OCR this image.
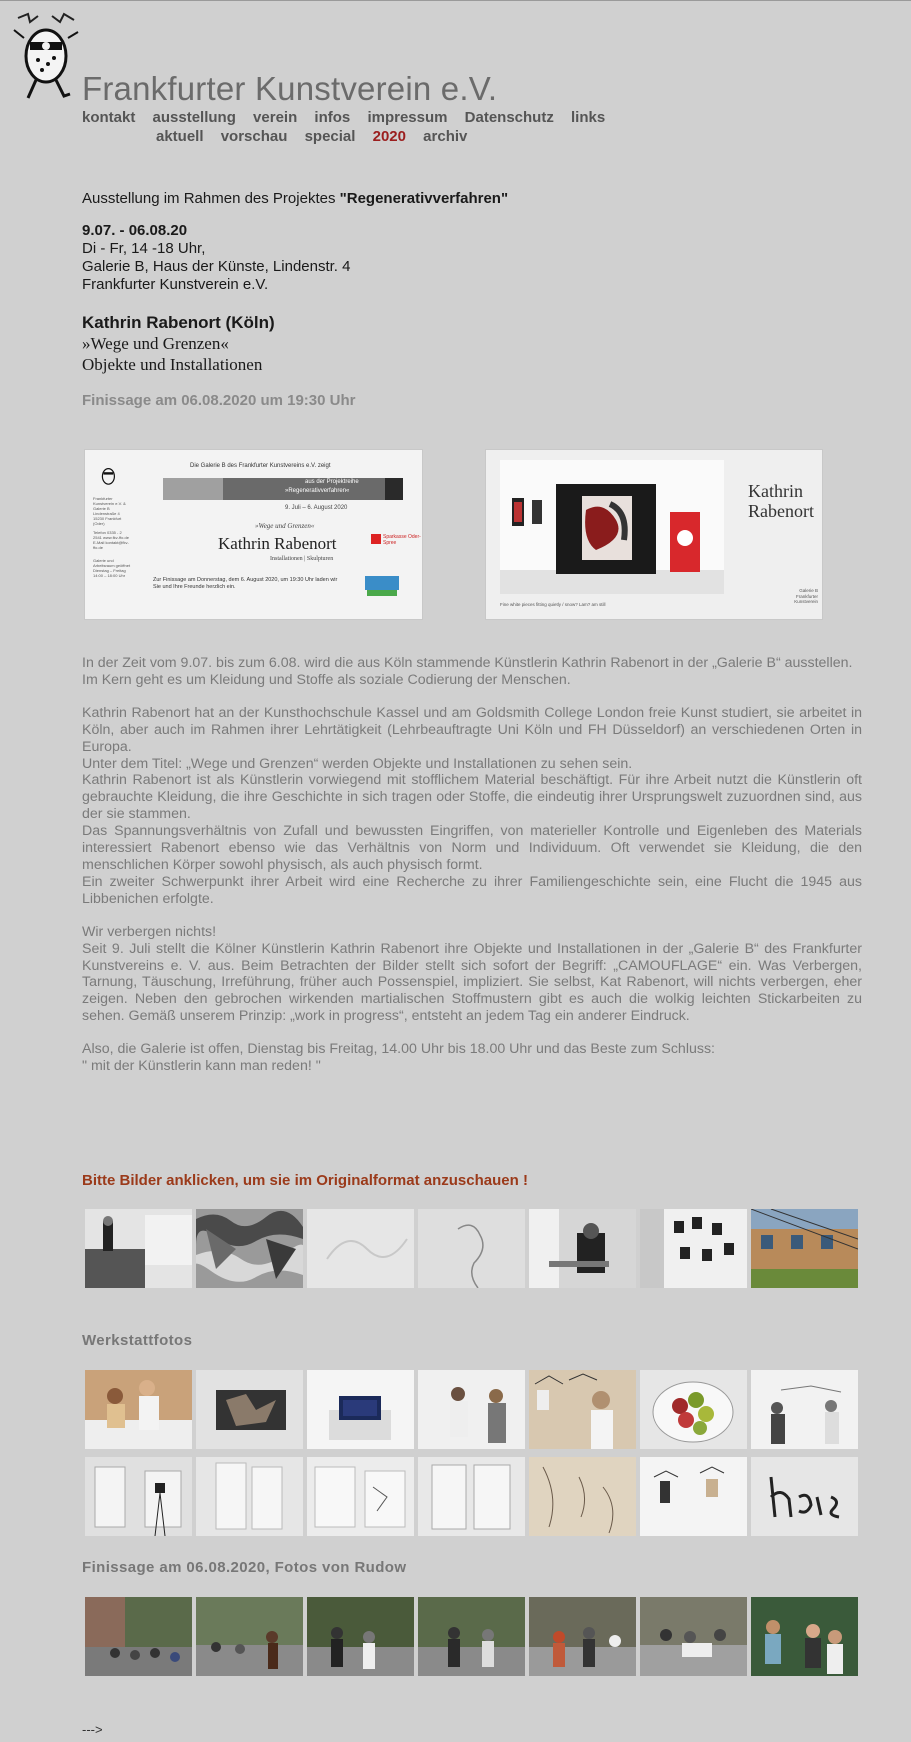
Frankfurter Kunstverein e.V.
kontakt ausstellung verein infos impressum Datenschutz links
aktuell vorschau special 2020 archiv
Ausstellung im Rahmen des Projektes "Regenerativverfahren"
9.07. - 06.08.20
Di - Fr, 14 -18 Uhr,
Galerie B, Haus der Künste, Lindenstr. 4
Frankfurter Kunstverein e.V.
Kathrin Rabenort (Köln)
»Wege und Grenzen«
Objekte und Installationen
Finissage am 06.08.2020 um 19:30 Uhr
Die Galerie B des Frankfurter Kunstvereins e.V. zeigt
aus der Projektreihe
»Regenerativverfahren«
9. Juli – 6. August 2020
»Wege und Grenzen«
Kathrin Rabenort
Installationen | Skulpturen
Frankfurter Kunstverein e.V. & Galerie B Lindenstraße 4 15230 Frankfurt (Oder)
Telefon 0335 - 2 2541 www.fkv-ffo.de E-Mail kontakt@fkv-ffo.de
Galerie und Arbeitsraum geöffnet Dienstag – Freitag 14:00 – 18:00 Uhr
Zur Finissage am Donnerstag, dem 6. August 2020, um 19:30 Uhr laden wir Sie und Ihre Freunde herzlich ein.
Sparkasse Oder-Spree
Kathrin
Rabenort
Fine white pieces fitting quietly / snow? Lam? am still
Galerie B Frankfurter Kunstverein

In der Zeit vom 9.07. bis zum 6.08. wird die aus Köln stammende Künstlerin Kathrin Rabenort in der „Galerie B“ ausstellen.

Im Kern geht es um Kleidung und Stoffe als soziale Codierung der Menschen.

Kathrin Rabenort hat an der Kunsthochschule Kassel und am Goldsmith College London freie Kunst studiert, sie arbeitet in Köln, aber auch im Rahmen ihrer Lehrtätigkeit (Lehrbeauftragte Uni Köln und FH Düsseldorf) an verschiedenen Orten in Europa.

Unter dem Titel: „Wege und Grenzen“ werden Objekte und Installationen zu sehen sein.

Kathrin Rabenort ist als Künstlerin vorwiegend mit stofflichem Material beschäftigt. Für ihre Arbeit nutzt die Künstlerin oft gebrauchte Kleidung, die ihre Geschichte in sich tragen oder Stoffe, die eindeutig ihrer Ursprungswelt zuzuordnen sind, aus der sie stammen.

Das Spannungsverhältnis von Zufall und bewussten Eingriffen, von materieller Kontrolle und Eigenleben des Materials interessiert Rabenort ebenso wie das Verhältnis von Norm und Individuum. Oft verwendet sie Kleidung, die den menschlichen Körper sowohl physisch, als auch physisch formt.

Ein zweiter Schwerpunkt ihrer Arbeit wird eine Recherche zu ihrer Familiengeschichte sein, eine Flucht die 1945 aus Libbenichen erfolgte.

Wir verbergen nichts!

Seit 9. Juli stellt die Kölner Künstlerin Kathrin Rabenort ihre Objekte und Installationen in der „Galerie B“ des Frankfurter Kunstvereins e. V. aus. Beim Betrachten der Bilder stellt sich sofort der Begriff: „CAMOUFLAGE“ ein. Was Verbergen, Tarnung, Täuschung, Irreführung, früher auch Possenspiel, impliziert. Sie selbst, Kat Rabenort, will nichts verbergen, eher zeigen. Neben den gebrochen wirkenden martialischen Stoffmustern gibt es auch die wolkig leichten Stickarbeiten zu sehen. Gemäß unserem Prinzip: „work in progress“, entsteht an jedem Tag ein anderer Eindruck.

Also, die Galerie ist offen, Dienstag bis Freitag, 14.00 Uhr bis 18.00 Uhr und das Beste zum Schluss:

" mit der Künstlerin kann man reden! "

Bitte Bilder anklicken, um sie im Originalformat anzuschauen !
Werkstattfotos
Finissage am 06.08.2020, Fotos von Rudow
--->
